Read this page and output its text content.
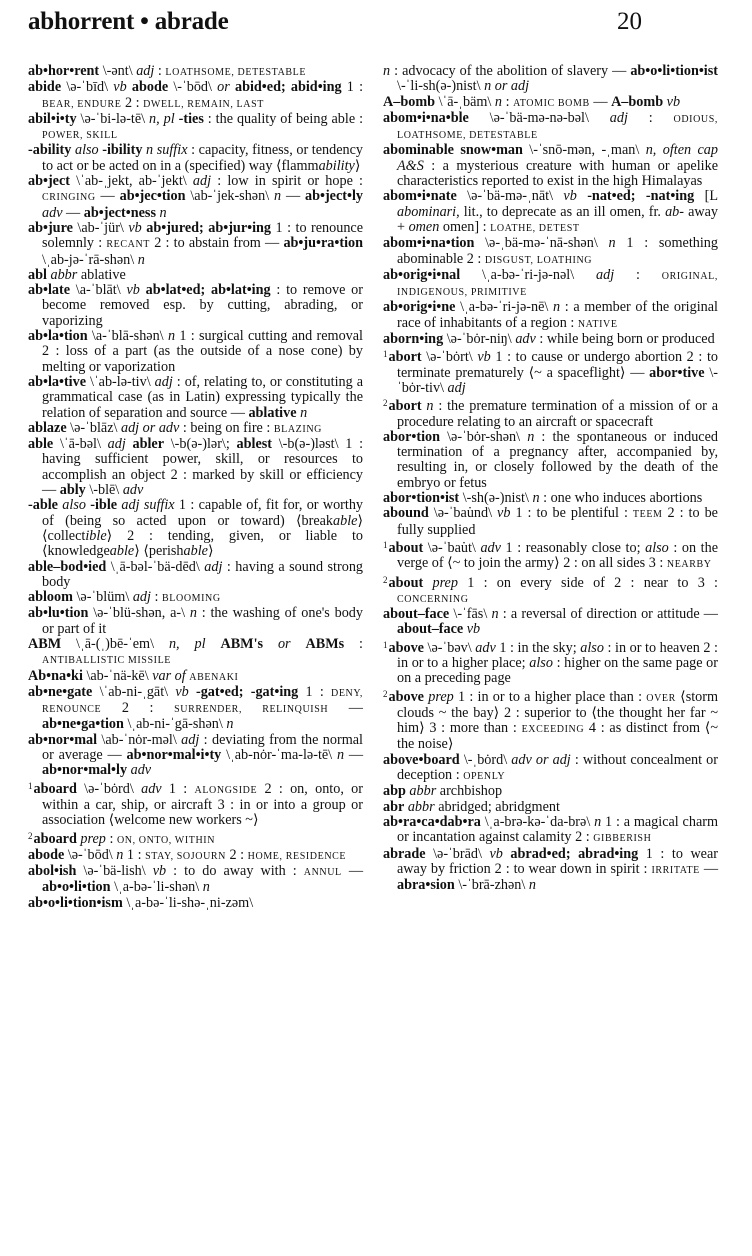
abhorrent • abrade	20

ab•hor•rent \-ənt\ adj : LOATHSOME, DETESTABLE

abide \ə-ˈbīd\ vb abode \-ˈbōd\ or abid•ed; abid•ing 1 : BEAR, ENDURE 2 : DWELL, REMAIN, LAST

abil•i•ty \ə-ˈbi-lə-tē\ n, pl -ties : the quality of being able : POWER, SKILL

-ability also -ibility n suffix : capacity, fitness, or tendency to act or be acted on in a (specified) way ⟨flammability⟩

ab•ject \ˈab-ˌjekt, ab-ˈjekt\ adj : low in spirit or hope : CRINGING — ab•jec•tion \ab-ˈjek-shən\ n — ab•ject•ly adv — ab•ject•ness n

ab•jure \ab-ˈjür\ vb ab•jured; ab•jur•ing 1 : to renounce solemnly : RECANT 2 : to abstain from — ab•ju•ra•tion \ˌab-jə-ˈrā-shən\ n

abl abbr ablative

ab•late \a-ˈblāt\ vb ab•lat•ed; ab•lat•ing : to remove or become removed esp. by cutting, abrading, or vaporizing

ab•la•tion \a-ˈblā-shən\ n 1 : surgical cutting and removal 2 : loss of a part (as the outside of a nose cone) by melting or vaporization

ab•la•tive \ˈab-lə-tiv\ adj : of, relating to, or constituting a grammatical case (as in Latin) expressing typically the relation of separation and source — ablative n

ablaze \ə-ˈblāz\ adj or adv : being on fire : BLAZING

able \ˈā-bəl\ adj abler \-b(ə-)lər\; ablest \-b(ə-)ləst\ 1 : having sufficient power, skill, or resources to accomplish an object 2 : marked by skill or efficiency — ably \-blē\ adv

-able also -ible adj suffix 1 : capable of, fit for, or worthy of (being so acted upon or toward) ⟨breakable⟩ ⟨collectible⟩ 2 : tending, given, or liable to ⟨knowledgeable⟩ ⟨perishable⟩

able–bod•ied \ˌā-bəl-ˈbä-dēd\ adj : having a sound strong body

abloom \ə-ˈblüm\ adj : BLOOMING

ab•lu•tion \ə-ˈblü-shən, a-\ n : the washing of one's body or part of it

ABM \ˌā-(ˌ)bē-ˈem\ n, pl ABM's or ABMs : ANTIBALLISTIC MISSILE

Ab•na•ki \ab-ˈnä-kē\ var of ABENAKI

ab•ne•gate \ˈab-ni-ˌgāt\ vb -gat•ed; -gat•ing 1 : DENY, RENOUNCE 2 : SURRENDER, RELINQUISH — ab•ne•ga•tion \ˌab-ni-ˈgā-shən\ n

ab•nor•mal \ab-ˈnȯr-məl\ adj : deviating from the normal or average — ab•nor•mal•i•ty \ˌab-nȯr-ˈma-lə-tē\ n — ab•nor•mal•ly adv

$^1$aboard \ə-ˈbȯrd\ adv 1 : ALONGSIDE 2 : on, onto, or within a car, ship, or aircraft 3 : in or into a group or association ⟨welcome new workers ~⟩

$^2$aboard prep : ON, ONTO, WITHIN

abode \ə-ˈbōd\ n 1 : STAY, SOJOURN 2 : HOME, RESIDENCE

abol•ish \ə-ˈbä-lish\ vb : to do away with : ANNUL — ab•o•li•tion \ˌa-bə-ˈli-shən\ n

ab•o•li•tion•ism \ˌa-bə-ˈli-shə-ˌni-zəm\

n : advocacy of the abolition of slavery — ab•o•li•tion•ist \-ˈli-sh(ə-)nist\ n or adj

A–bomb \ˈā-ˌbäm\ n : ATOMIC BOMB — A–bomb vb

abom•i•na•ble \ə-ˈbä-mə-nə-bəl\ adj : ODIOUS, LOATHSOME, DETESTABLE

abominable snow•man \-ˈsnō-mən, -ˌman\ n, often cap A&S : a mysterious creature with human or apelike characteristics reported to exist in the high Himalayas

abom•i•nate \ə-ˈbä-mə-ˌnāt\ vb -nat•ed; -nat•ing [L abominari, lit., to deprecate as an ill omen, fr. ab- away + omen omen] : LOATHE, DETEST

abom•i•na•tion \ə-ˌbä-mə-ˈnā-shən\ n 1 : something abominable 2 : DISGUST, LOATHING

ab•orig•i•nal \ˌa-bə-ˈri-jə-nəl\ adj : ORIGINAL, INDIGENOUS, PRIMITIVE

ab•orig•i•ne \ˌa-bə-ˈri-jə-nē\ n : a member of the original race of inhabitants of a region : NATIVE

aborn•ing \ə-ˈbȯr-niŋ\ adv : while being born or produced

$^1$abort \ə-ˈbȯrt\ vb 1 : to cause or undergo abortion 2 : to terminate prematurely ⟨~ a spaceflight⟩ — abor•tive \-ˈbȯr-tiv\ adj

$^2$abort n : the premature termination of a mission of or a procedure relating to an aircraft or spacecraft

abor•tion \ə-ˈbȯr-shən\ n : the spontaneous or induced termination of a pregnancy after, accompanied by, resulting in, or closely followed by the death of the embryo or fetus

abor•tion•ist \-sh(ə-)nist\ n : one who induces abortions

abound \ə-ˈbau̇nd\ vb 1 : to be plentiful : TEEM 2 : to be fully supplied

$^1$about \ə-ˈbau̇t\ adv 1 : reasonably close to; also : on the verge of ⟨~ to join the army⟩ 2 : on all sides 3 : NEARBY

$^2$about prep 1 : on every side of 2 : near to 3 : CONCERNING

about–face \-ˈfās\ n : a reversal of direction or attitude — about–face vb

$^1$above \ə-ˈbəv\ adv 1 : in the sky; also : in or to heaven 2 : in or to a higher place; also : higher on the same page or on a preceding page

$^2$above prep 1 : in or to a higher place than : OVER ⟨storm clouds ~ the bay⟩ 2 : superior to ⟨the thought her far ~ him⟩ 3 : more than : EXCEEDING 4 : as distinct from ⟨~ the noise⟩

above•board \-ˌbȯrd\ adv or adj : without concealment or deception : OPENLY

abp abbr archbishop

abr abbr abridged; abridgment

ab•ra•ca•dab•ra \ˌa-brə-kə-ˈda-brə\ n 1 : a magical charm or incantation against calamity 2 : GIBBERISH

abrade \ə-ˈbrād\ vb abrad•ed; abrad•ing 1 : to wear away by friction 2 : to wear down in spirit : IRRITATE — abra•sion \-ˈbrā-zhən\ n
